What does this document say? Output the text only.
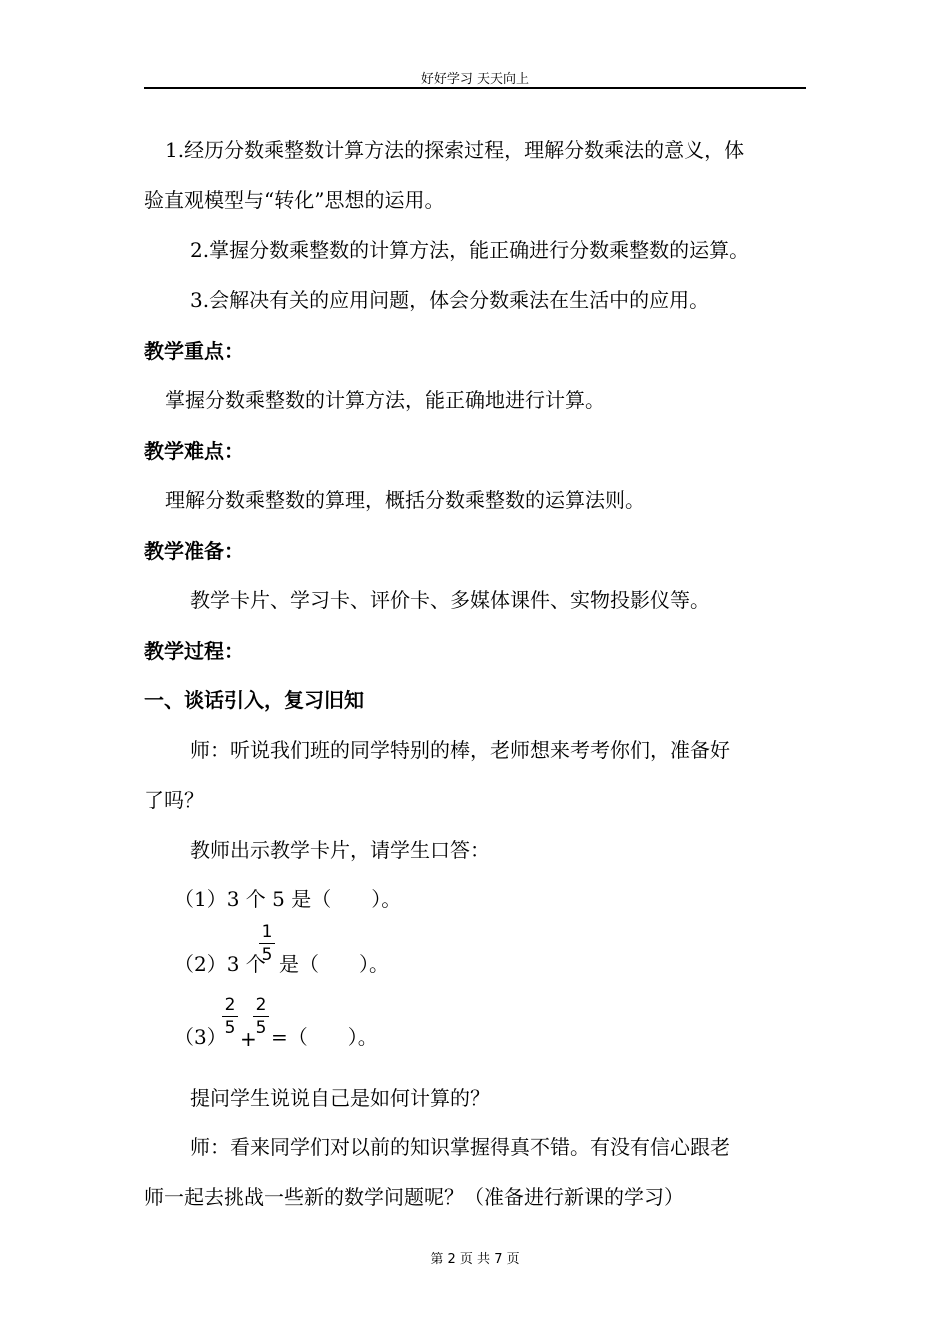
好好学习 天天向上
1.经历分数乘整数计算方法的探索过程，理解分数乘法的意义，体
验直观模型与“转化”思想的运用。
2.掌握分数乘整数的计算方法，能正确进行分数乘整数的运算。
3.会解决有关的应用问题，体会分数乘法在生活中的应用。
教学重点：
掌握分数乘整数的计算方法，能正确地进行计算。
教学难点：
理解分数乘整数的算理，概括分数乘整数的运算法则。
教学准备：
教学卡片、学习卡、评价卡、多媒体课件、实物投影仪等。
教学过程：
一、谈话引入，复习旧知
师：听说我们班的同学特别的棒，老师想来考考你们，准备好
了吗？
教师出示教学卡片，请学生口答：
（1）3 个 5 是（　　）。
（2）3 个
1
5 是（　　）。
（3）
2
5 +
2
5 =（　　）。
提问学生说说自己是如何计算的？
师：看来同学们对以前的知识掌握得真不错。有没有信心跟老
师一起去挑战一些新的数学问题呢？（准备进行新课的学习）
第 2 页 共 7 页
